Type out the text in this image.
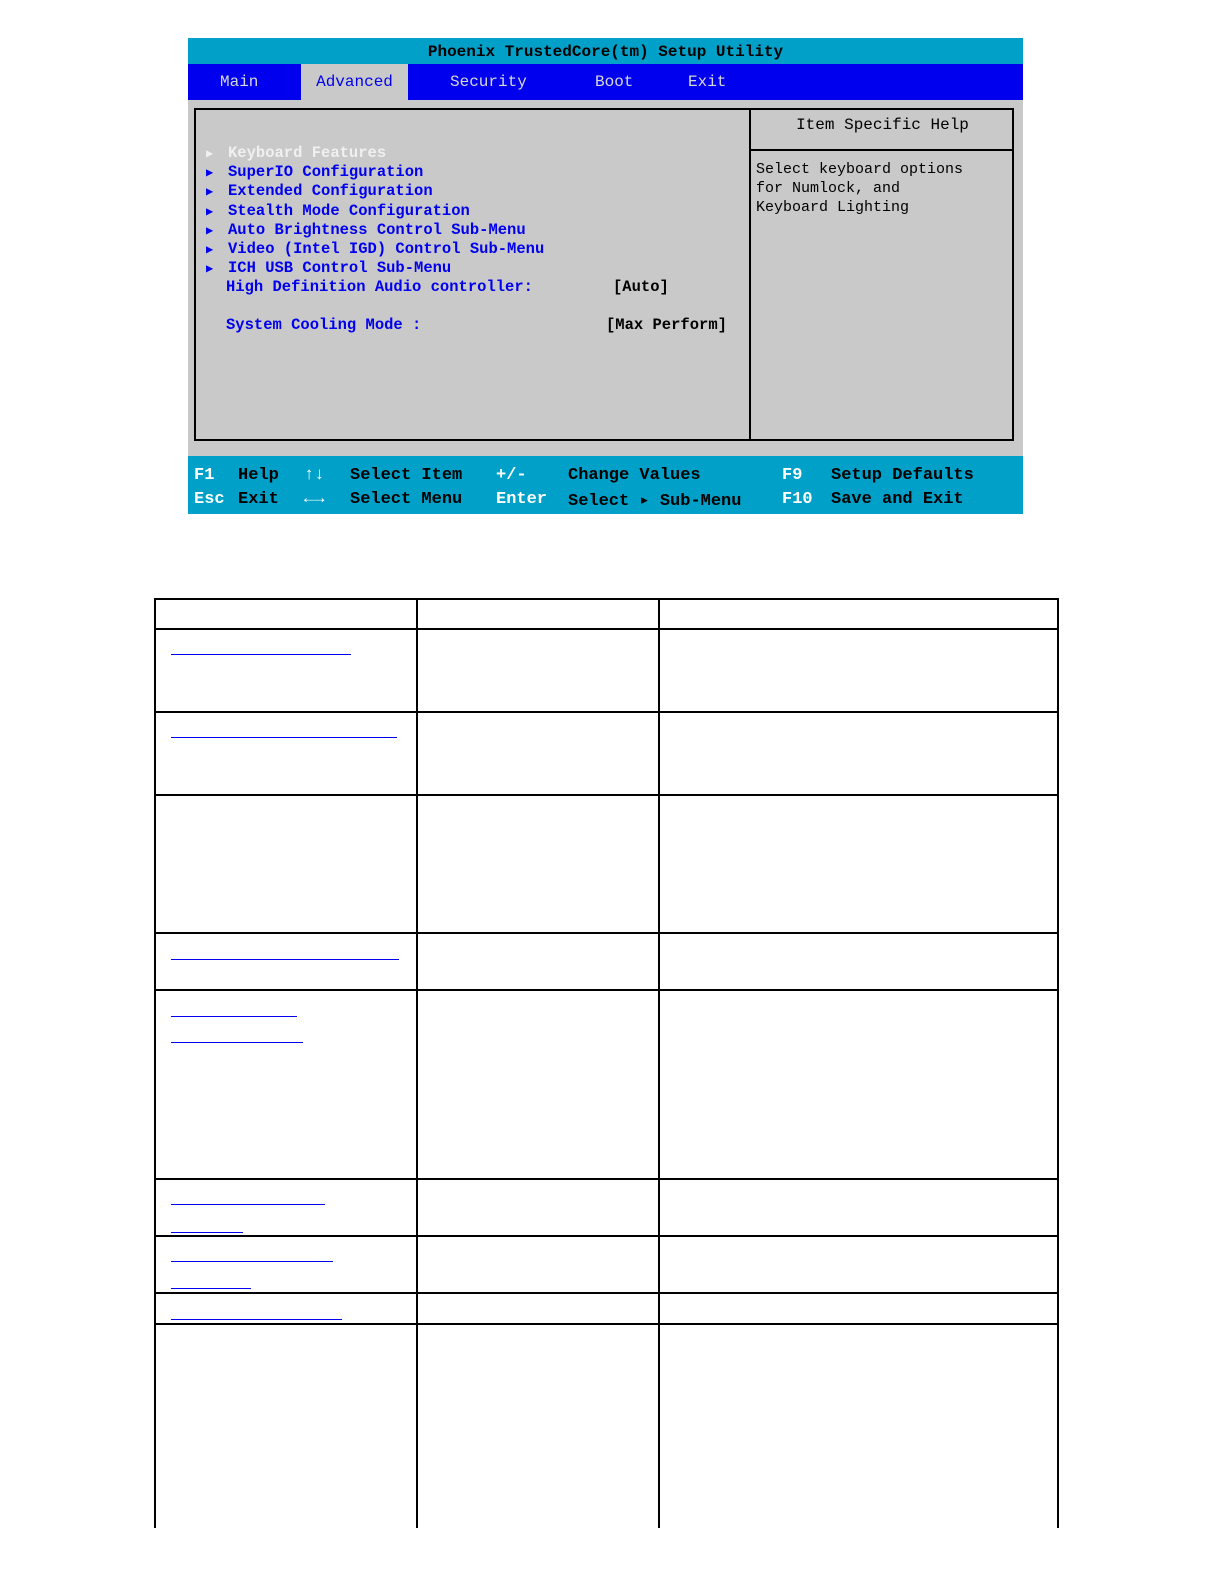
Phoenix TrustedCore(tm) Setup Utility
Main	Advanced	Security	Boot	Exit
Item Specific Help
Select keyboard options
for Numlock, and
Keyboard Lighting
▶ Keyboard Features
▶ SuperIO Configuration
▶ Extended Configuration
▶ Stealth Mode Configuration
▶ Auto Brightness Control Sub-Menu
▶ Video (Intel IGD) Control Sub-Menu
▶ ICH USB Control Sub-Menu
High Definition Audio controller:	[Auto]
System Cooling Mode :	[Max Perform]
F1 Help ↑↓ Select Item +/- Change Values	F9 Setup Defaults
Esc Exit ←→ Select Menu Enter Select ▸ Sub-Menu F10 Save and Exit
